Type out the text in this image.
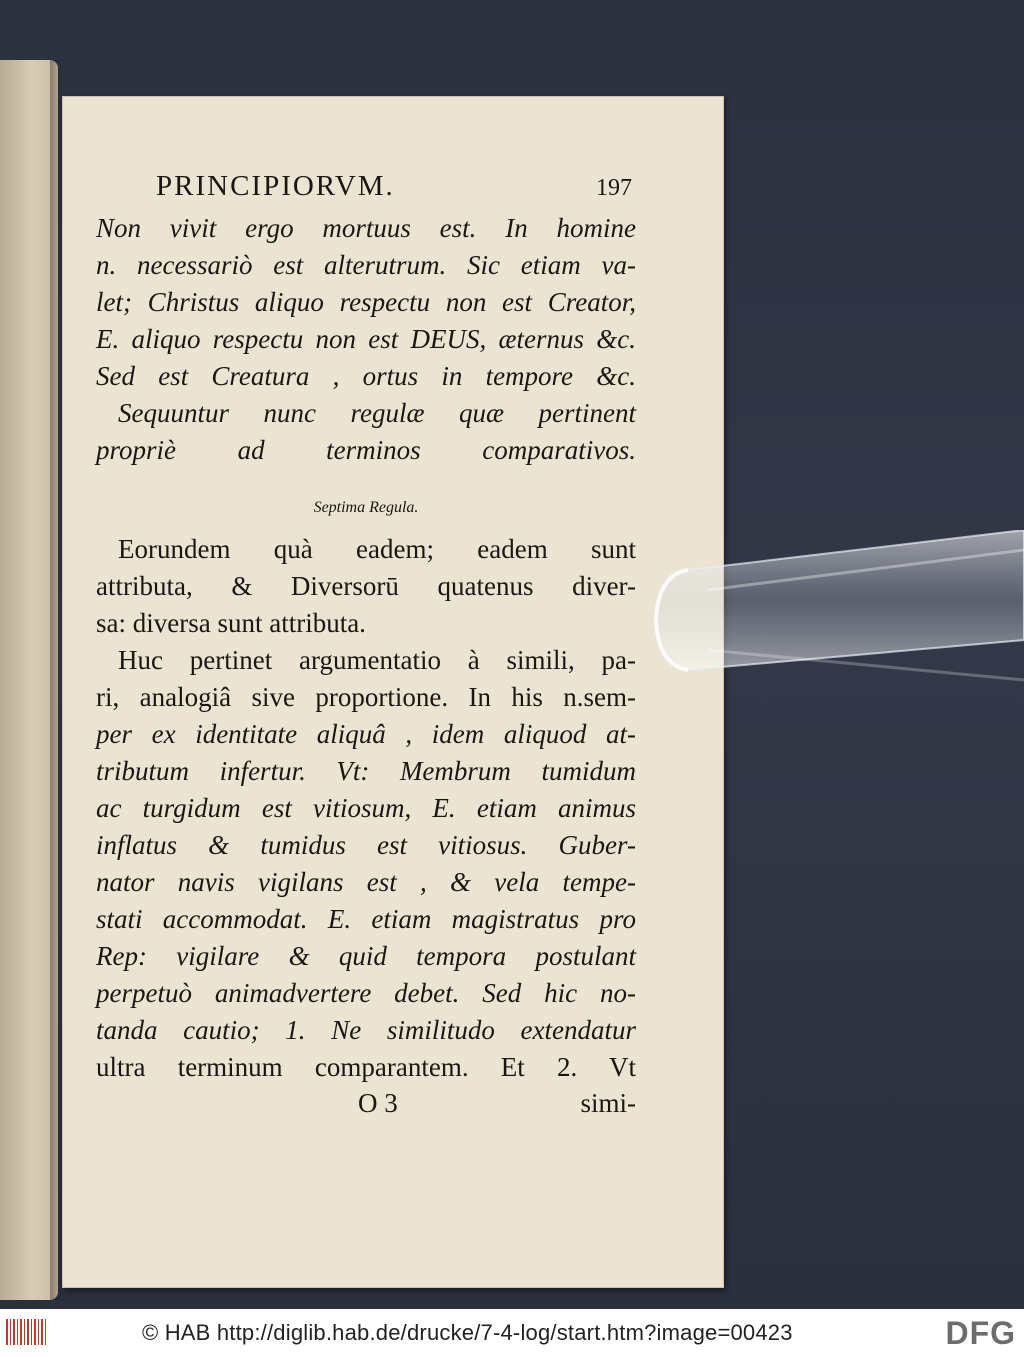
PRINCIPIORVM.	197
Non vivit ergo mortuus est. In homine
n. necessariò est alterutrum. Sic etiam va-
let; Christus aliquo respectu non est Creator,
E. aliquo respectu non est DEUS, æternus &c.
Sed est Creatura , ortus in tempore &c.
Sequuntur nunc regulæ quæ pertinent
propriè ad terminos comparativos.
Septima Regula.
Eorundem quà eadem; eadem sunt
attributa, & Diversorū quatenus diver-
sa: diversa sunt attributa.
Huc pertinet argumentatio à simili, pa-
ri, analogiâ sive proportione. In his n.sem-
per ex identitate aliquâ , idem aliquod at-
tributum infertur. Vt: Membrum tumidum
ac turgidum est vitiosum, E. etiam animus
inflatus & tumidus est vitiosus. Guber-
nator navis vigilans est , & vela tempe-
stati accommodat. E. etiam magistratus pro
Rep: vigilare & quid tempora postulant
perpetuò animadvertere debet. Sed hic no-
tanda cautio; 1. Ne similitudo extendatur
ultra terminum comparantem. Et 2. Vt
O 3	simi-
© HAB http://diglib.hab.de/drucke/7-4-log/start.htm?image=00423	DFG
